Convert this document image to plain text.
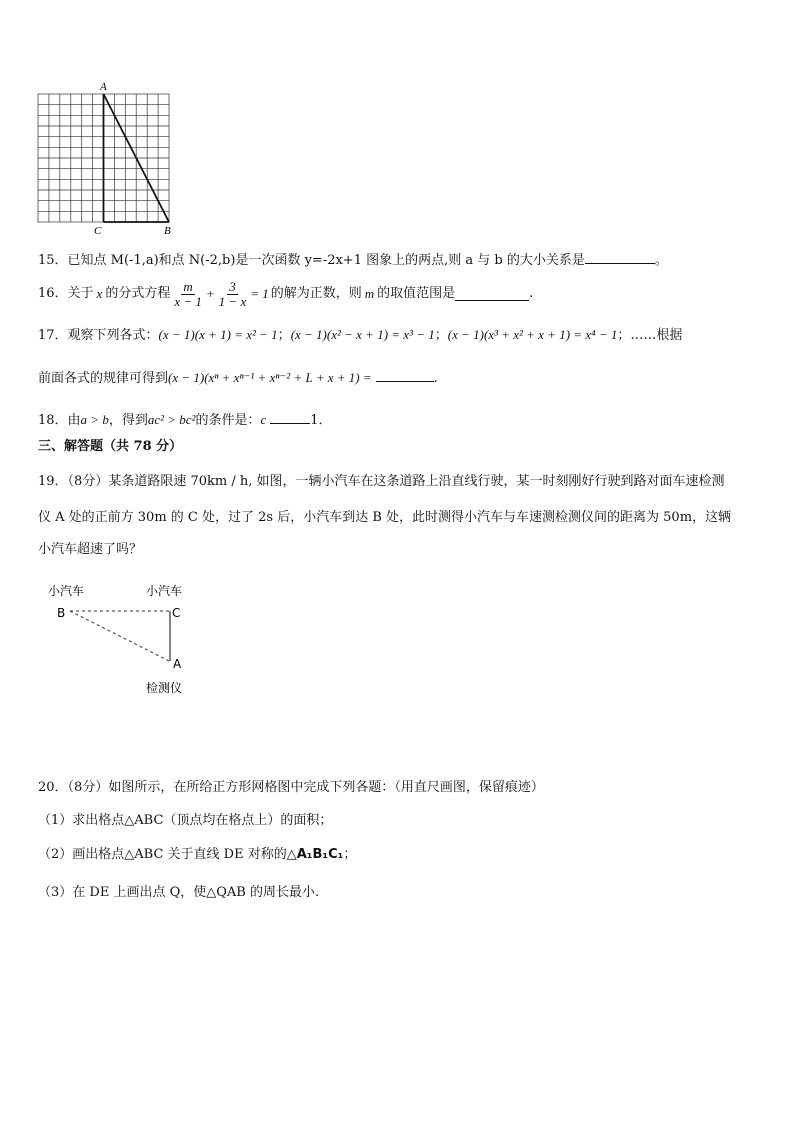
A
C	B
15．已知点 M(-1,a)和点 N(-2,b)是一次函数 y=-2x+1 图象上的两点,则 a 与 b 的大小关系是	。
16．关于 x 的分式方程 $\frac{m}{x - 1} + \frac{3}{1 - x} = 1$ 的解为正数，则 m 的取值范围是	.
17．观察下列各式：(x − 1)(x + 1) = x² − 1；(x − 1)(x² − x + 1) = x³ − 1；(x − 1)(x³ + x² + x + 1) = x⁴ − 1；……根据
前面各式的规律可得到(x − 1)(xⁿ + xⁿ⁻¹ + xⁿ⁻² + L + x + 1) =	.
18．由a > b，得到ac² > bc²的条件是：c	1．
三、解答题（共 78 分）
19．（8分）某条道路限速 70km / h, 如图，一辆小汽车在这条道路上沿直线行驶，某一时刻刚好行驶到路对面车速检测
仪 A 处的正前方 30m 的 C 处，过了 2s 后，小汽车到达 B 处，此时测得小汽车与车速测检测仪间的距离为 50m，这辆
小汽车超速了吗？
小汽车	小汽车
B	C
A
检测仪
20．（8分）如图所示，在所给正方形网格图中完成下列各题：（用直尺画图，保留痕迹）
（1）求出格点△ABC（顶点均在格点上）的面积；
（2）画出格点△ABC 关于直线 DE 对称的△A₁B₁C₁；
（3）在 DE 上画出点 Q，使△QAB 的周长最小.
